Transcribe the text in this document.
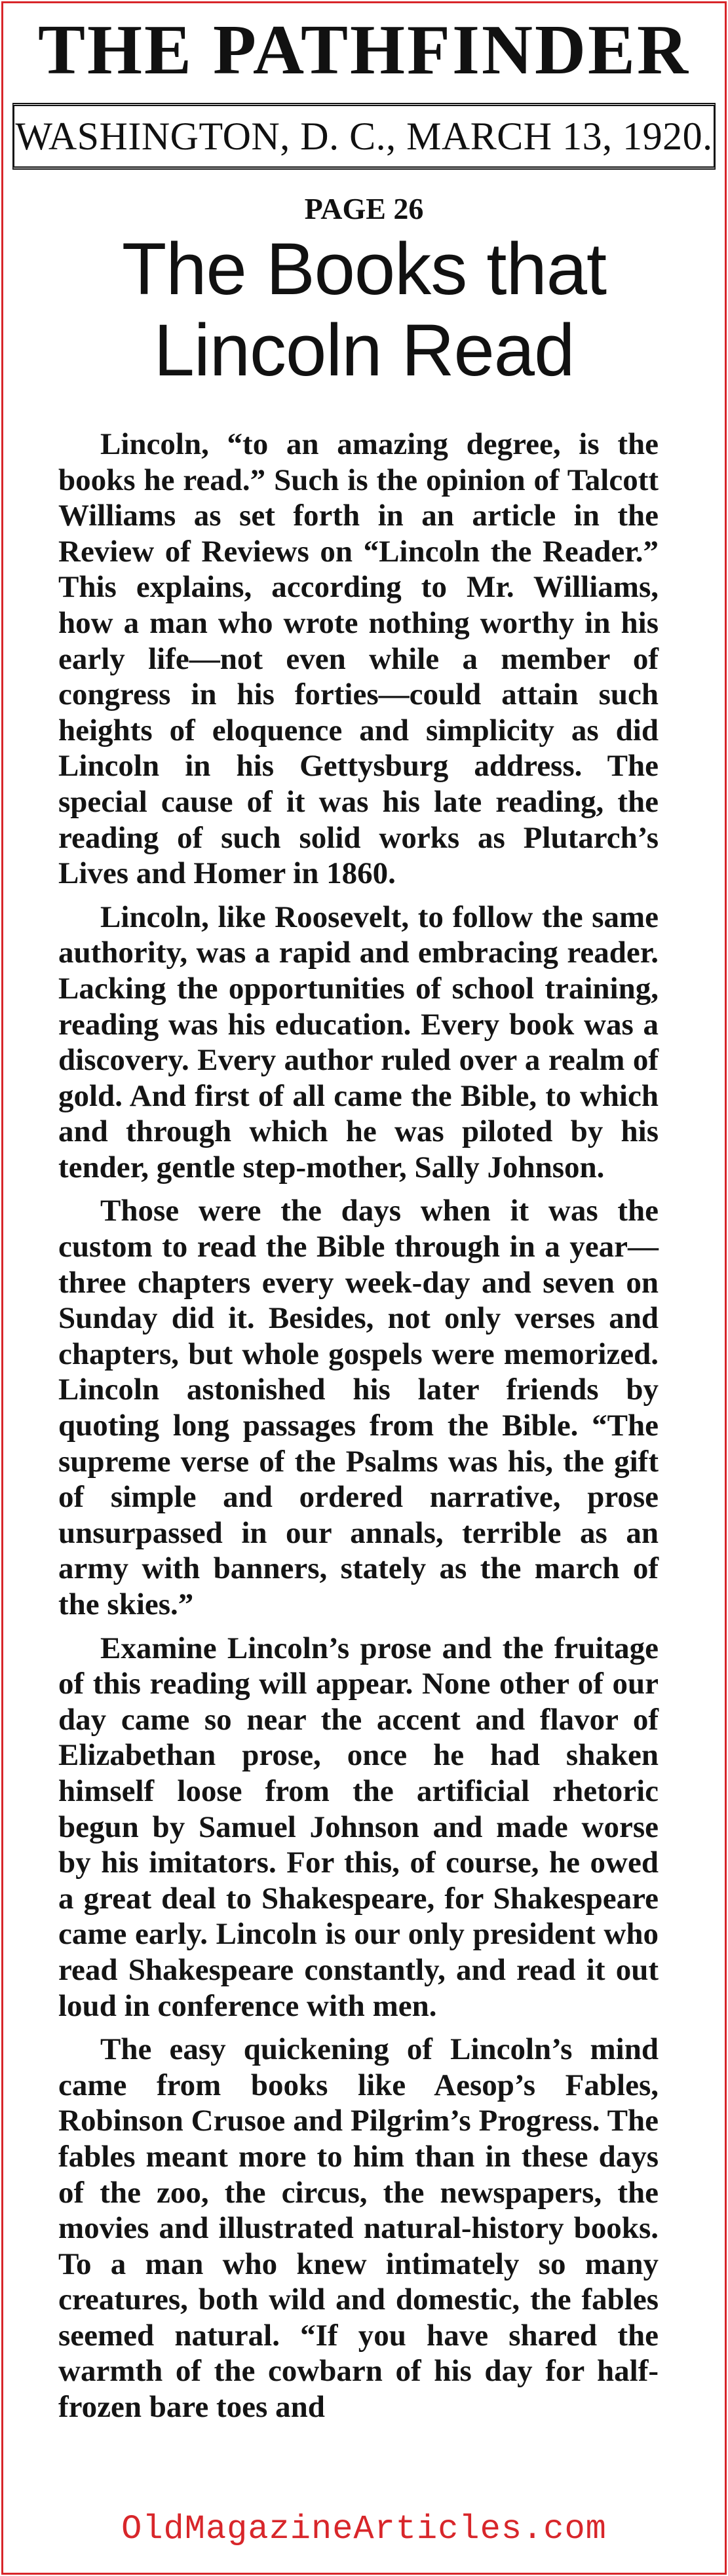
THE PATHFINDER
WASHINGTON, D. C., MARCH 13, 1920.
PAGE 26
The Books that
Lincoln Read

Lincoln, “to an amazing degree, is the books he read.” Such is the opinion of Talcott Williams as set forth in an article in the Review of Reviews on “Lincoln the Reader.” This explains, according to Mr. Williams, how a man who wrote nothing worthy in his early life—not even while a member of congress in his forties—could attain such heights of eloquence and simplicity as did Lincoln in his Gettysburg address. The special cause of it was his late reading, the reading of such solid works as Plutarch’s Lives and Homer in 1860.

Lincoln, like Roosevelt, to follow the same authority, was a rapid and embracing reader. Lacking the opportunities of school training, reading was his education. Every book was a discovery. Every author ruled over a realm of gold. And first of all came the Bible, to which and through which he was piloted by his tender, gentle step-mother, Sally Johnson.

Those were the days when it was the custom to read the Bible through in a year—three chapters every week-day and seven on Sunday did it. Besides, not only verses and chapters, but whole gospels were memorized. Lincoln astonished his later friends by quoting long passages from the Bible. “The supreme verse of the Psalms was his, the gift of simple and ordered narrative, prose unsurpassed in our annals, terrible as an army with banners, stately as the march of the skies.”

Examine Lincoln’s prose and the fruitage of this reading will appear. None other of our day came so near the accent and flavor of Elizabethan prose, once he had shaken himself loose from the artificial rhetoric begun by Samuel Johnson and made worse by his imitators. For this, of course, he owed a great deal to Shakespeare, for Shakespeare came early. Lincoln is our only president who read Shakespeare constantly, and read it out loud in conference with men.

The easy quickening of Lincoln’s mind came from books like Aesop’s Fables, Robinson Crusoe and Pilgrim’s Progress. The fables meant more to him than in these days of the zoo, the circus, the newspapers, the movies and illustrated natural-history books. To a man who knew intimately so many creatures, both wild and domestic, the fables seemed natural. “If you have shared the warmth of the cowbarn of his day for half-frozen bare toes and

OldMagazineArticles.com
